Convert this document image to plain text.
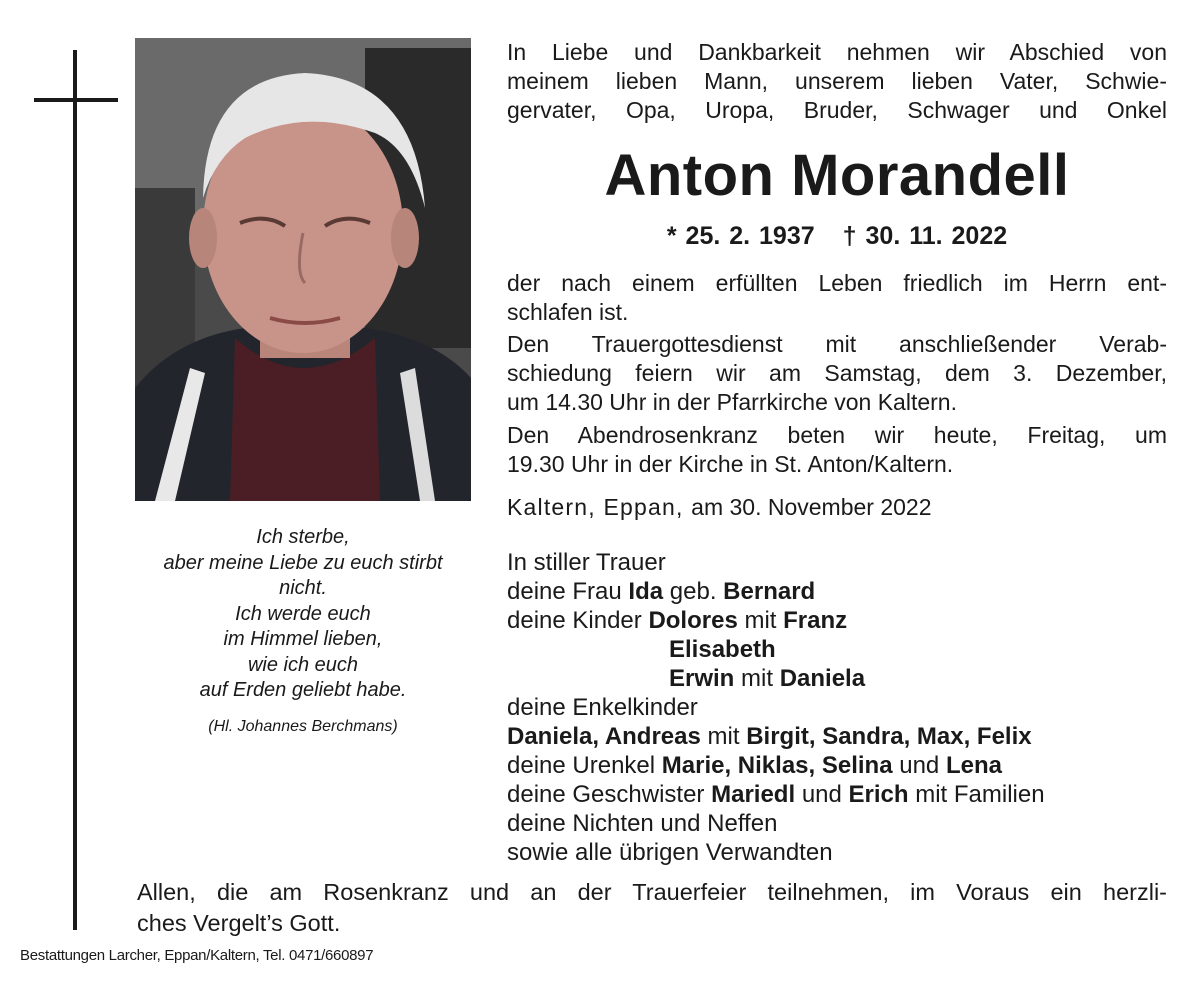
Ich sterbe,
aber meine Liebe zu euch stirbt
nicht.
Ich werde euch
im Himmel lieben,
wie ich euch
auf Erden geliebt habe.
(Hl. Johannes Berchmans)
In Liebe und Dankbarkeit nehmen wir Abschied von
meinem lieben Mann, unserem lieben Vater, Schwie-
gervater, Opa, Uropa, Bruder, Schwager und Onkel
Anton Morandell
* 25. 2. 1937 † 30. 11. 2022
der nach einem erfüllten Leben friedlich im Herrn ent-
schlafen ist.
Den Trauergottesdienst mit anschließender Verab-
schiedung feiern wir am Samstag, dem 3. Dezember,
um 14.30 Uhr in der Pfarrkirche von Kaltern.
Den Abendrosenkranz beten wir heute, Freitag, um
19.30 Uhr in der Kirche in St. Anton/Kaltern.
Kaltern, Eppan, am 30. November 2022
In stiller Trauer
deine Frau Ida geb. Bernard
deine Kinder Dolores mit Franz
Elisabeth
Erwin mit Daniela
deine Enkelkinder
Daniela, Andreas mit Birgit, Sandra, Max, Felix
deine Urenkel Marie, Niklas, Selina und Lena
deine Geschwister Mariedl und Erich mit Familien
deine Nichten und Neffen
sowie alle übrigen Verwandten
Allen, die am Rosenkranz und an der Trauerfeier teilnehmen, im Voraus ein herzli-
ches Vergelt’s Gott.
Bestattungen Larcher, Eppan/Kaltern, Tel. 0471/660897
